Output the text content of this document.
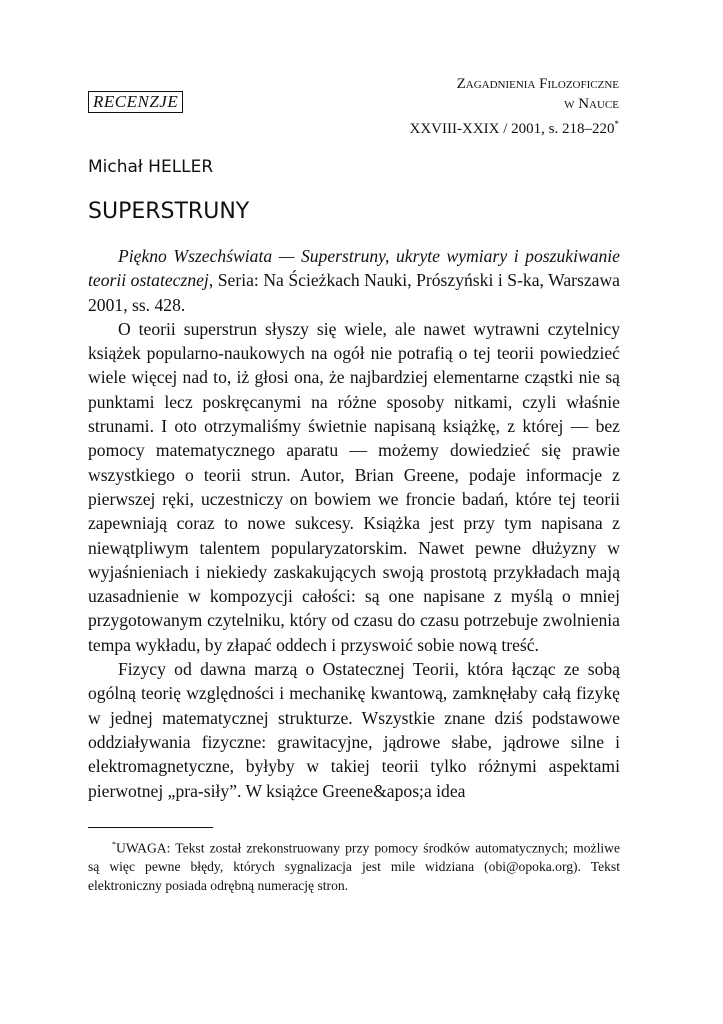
Zagadnienia Filozoficzne
w Nauce
XXVIII-XXIX / 2001, s. 218–220*
RECENZJE
Michał HELLER
SUPERSTRUNY

Piękno Wszechświata — Superstruny, ukryte wymiary i poszukiwanie teorii ostatecznej, Seria: Na Ścieżkach Nauki, Prószyński i S-ka, Warszawa 2001, ss. 428.

O teorii superstrun słyszy się wiele, ale nawet wytrawni czytelnicy książek popularno-naukowych na ogół nie potrafią o tej teorii powiedzieć wiele więcej nad to, iż głosi ona, że najbardziej elementarne cząstki nie są punktami lecz poskręcanymi na różne sposoby nitkami, czyli właśnie strunami. I oto otrzymaliśmy świetnie napisaną książkę, z której — bez pomocy matematycznego aparatu — możemy dowiedzieć się prawie wszystkiego o teorii strun. Autor, Brian Greene, podaje informacje z pierwszej ręki, uczestniczy on bowiem we froncie badań, które tej teorii zapewniają coraz to nowe sukcesy. Książka jest przy tym napisana z niewątpliwym talentem popularyzatorskim. Nawet pewne dłużyzny w wyjaśnieniach i niekiedy zaskakujących swoją prostotą przykładach mają uzasadnienie w kompozycji całości: są one napisane z myślą o mniej przygotowanym czytelniku, który od czasu do czasu potrzebuje zwolnienia tempa wykładu, by złapać oddech i przyswoić sobie nową treść.

Fizycy od dawna marzą o Ostatecznej Teorii, która łącząc ze sobą ogólną teorię względności i mechanikę kwantową, zamknęłaby całą fizykę w jednej matematycznej strukturze. Wszystkie znane dziś podstawowe oddziaływania fizyczne: grawitacyjne, jądrowe słabe, jądrowe silne i elektromagnetyczne, byłyby w takiej teorii tylko różnymi aspektami pierwotnej „pra-siły”. W książce Greene&apos;a idea

*UWAGA: Tekst został zrekonstruowany przy pomocy środków automatycznych; możliwe są więc pewne błędy, których sygnalizacja jest mile widziana (obi@opoka.org). Tekst elektroniczny posiada odrębną numerację stron.
